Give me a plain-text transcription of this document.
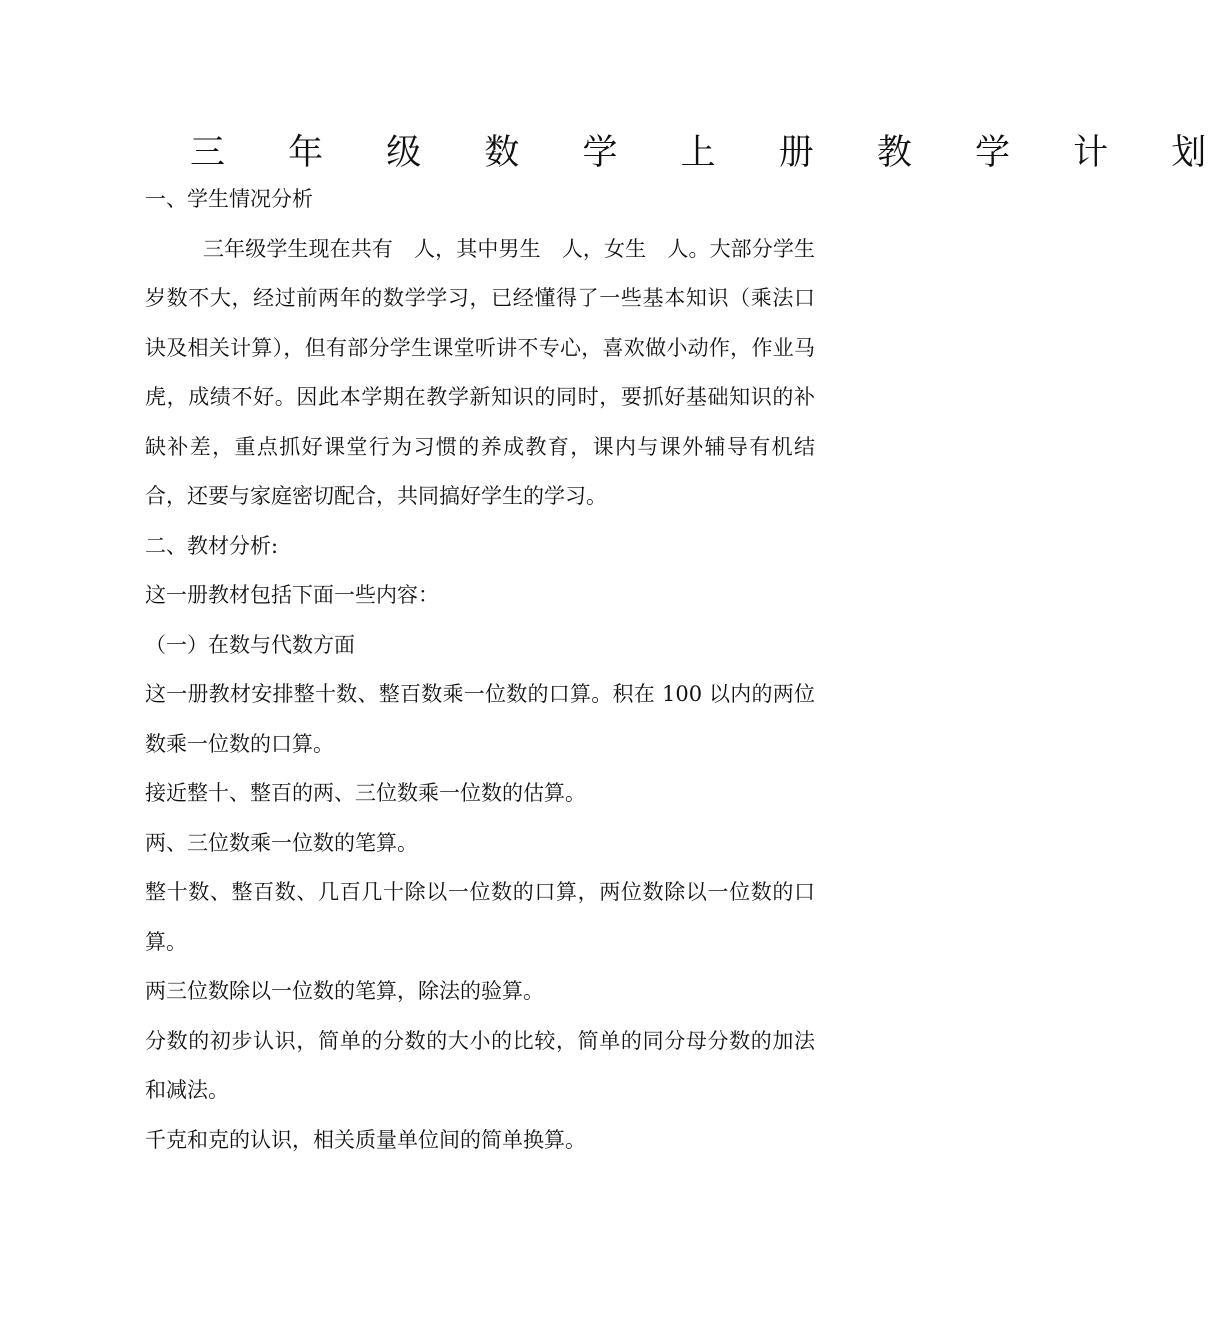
三 年 级 数 学 上 册 教 学 计 划

一、学生情况分析

三年级学生现在共有　人，其中男生　人，女生　人。大部分学生岁数不大，经过前两年的数学学习，已经懂得了一些基本知识（乘法口诀及相关计算），但有部分学生课堂听讲不专心，喜欢做小动作，作业马虎，成绩不好。因此本学期在教学新知识的同时，要抓好基础知识的补缺补差，重点抓好课堂行为习惯的养成教育，课内与课外辅导有机结合，还要与家庭密切配合，共同搞好学生的学习。

二、教材分析:

这一册教材包括下面一些内容：

（一）在数与代数方面

这一册教材安排整十数、整百数乘一位数的口算。积在 100 以内的两位数乘一位数的口算。

接近整十、整百的两、三位数乘一位数的估算。

两、三位数乘一位数的笔算。

整十数、整百数、几百几十除以一位数的口算，两位数除以一位数的口算。

两三位数除以一位数的笔算，除法的验算。

分数的初步认识，简单的分数的大小的比较，简单的同分母分数的加法和减法。

千克和克的认识，相关质量单位间的简单换算。
